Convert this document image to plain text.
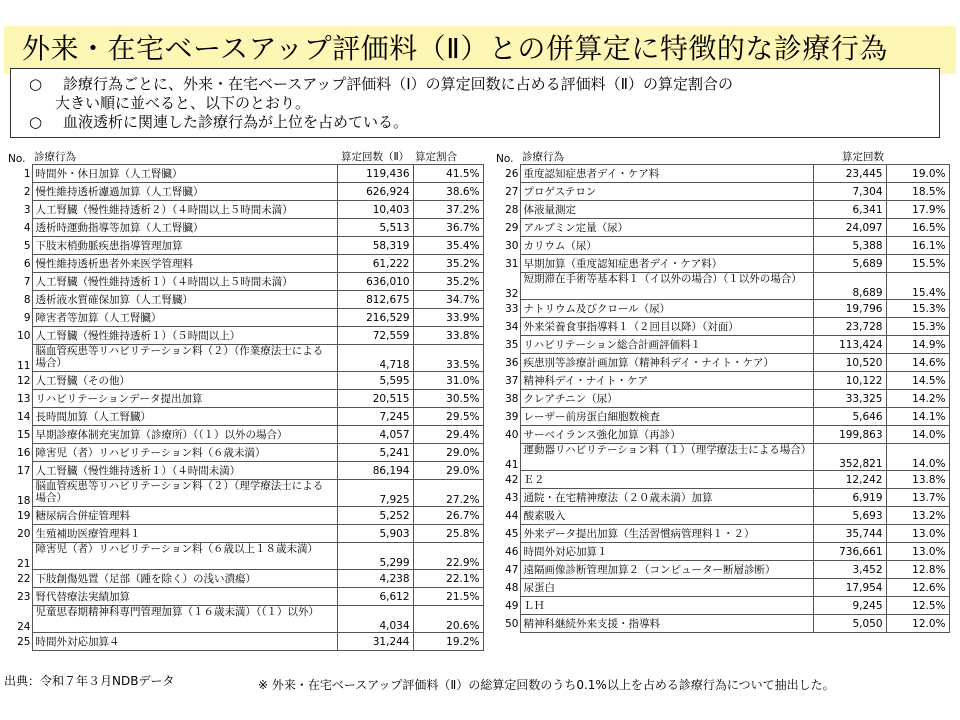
外来・在宅ベースアップ評価料（Ⅱ）との併算定に特徴的な診療行為
○ 診療行為ごとに、外来・在宅ベースアップ評価料（Ⅰ）の算定回数に占める評価料（Ⅱ）の算定割合の
大きい順に並べると、以下のとおり。
○ 血液透析に関連した診療行為が上位を占めている。
No.	診療行為	算定回数（Ⅱ）	算定割合
1	時間外・休日加算（人工腎臓）	119,436	41.5%
2	慢性維持透析濾過加算（人工腎臓）	626,924	38.6%
3	人工腎臓（慢性維持透析２）（４時間以上５時間未満）	10,403	37.2%
4	透析時運動指導等加算（人工腎臓）	5,513	36.7%
5	下肢末梢動脈疾患指導管理加算	58,319	35.4%
6	慢性維持透析患者外来医学管理料	61,222	35.2%
7	人工腎臓（慢性維持透析１）（４時間以上５時間未満）	636,010	35.2%
8	透析液水質確保加算（人工腎臓）	812,675	34.7%
9	障害者等加算（人工腎臓）	216,529	33.9%
10	人工腎臓（慢性維持透析１）（５時間以上）	72,559	33.8%
11	脳血管疾患等リハビリテーション料（２）（作業療法士による場合）	4,718	33.5%
12	人工腎臓（その他）	5,595	31.0%
13	リハビリテーションデータ提出加算	20,515	30.5%
14	長時間加算（人工腎臓）	7,245	29.5%
15	早期診療体制充実加算（診療所）（（１）以外の場合）	4,057	29.4%
16	障害児（者）リハビリテーション料（６歳未満）	5,241	29.0%
17	人工腎臓（慢性維持透析１）（４時間未満）	86,194	29.0%
18	脳血管疾患等リハビリテーション料（２）（理学療法士による場合）	7,925	27.2%
19	糖尿病合併症管理料	5,252	26.7%
20	生殖補助医療管理料１	5,903	25.8%
21	障害児（者）リハビリテーション料（６歳以上１８歳未満）	5,299	22.9%
22	下肢創傷処置（足部（踵を除く）の浅い潰瘍）	4,238	22.1%
23	腎代替療法実績加算	6,612	21.5%
24	児童思春期精神科専門管理加算（１６歳未満）（（１）以外）	4,034	20.6%
25	時間外対応加算４	31,244	19.2%
No.	診療行為	算定回数	
26	重度認知症患者デイ・ケア料	23,445	19.0%
27	プロゲステロン	7,304	18.5%
28	体液量測定	6,341	17.9%
29	アルブミン定量（尿）	24,097	16.5%
30	カリウム（尿）	5,388	16.1%
31	早期加算（重度認知症患者デイ・ケア料）	5,689	15.5%
32	短期滞在手術等基本料１（イ以外の場合）（１以外の場合）	8,689	15.4%
33	ナトリウム及びクロール（尿）	19,796	15.3%
34	外来栄養食事指導料１（２回目以降）（対面）	23,728	15.3%
35	リハビリテーション総合計画評価料１	113,424	14.9%
36	疾患別等診療計画加算（精神科デイ・ナイト・ケア）	10,520	14.6%
37	精神科デイ・ナイト・ケア	10,122	14.5%
38	クレアチニン（尿）	33,325	14.2%
39	レーザー前房蛋白細胞数検査	5,646	14.1%
40	サーベイランス強化加算（再診）	199,863	14.0%
41	運動器リハビリテーション料（１）（理学療法士による場合）	352,821	14.0%
42	Ｅ２	12,242	13.8%
43	通院・在宅精神療法（２０歳未満）加算	6,919	13.7%
44	酸素吸入	5,693	13.2%
45	外来データ提出加算（生活習慣病管理料１・２）	35,744	13.0%
46	時間外対応加算１	736,661	13.0%
47	遠隔画像診断管理加算２（コンピューター断層診断）	3,452	12.8%
48	尿蛋白	17,954	12.6%
49	ＬＨ	9,245	12.5%
50	精神科継続外来支援・指導料	5,050	12.0%
出典：令和７年３月NDBデータ	※ 外来・在宅ベースアップ評価料（Ⅱ）の総算定回数のうち0.1%以上を占める診療行為について抽出した。
